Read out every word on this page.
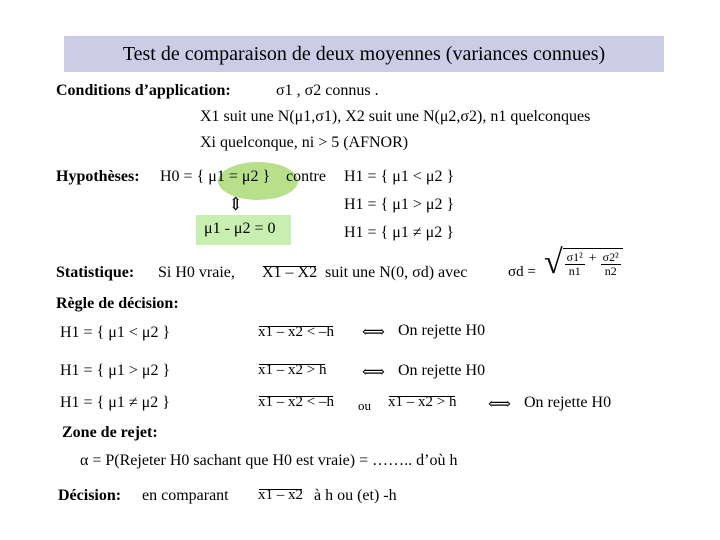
Test de comparaison de deux moyennes (variances connues)
Conditions d’application:	σ1 , σ2 connus .
X1 suit une N(μ1,σ1), X2 suit une N(μ2,σ2), n1 quelconques
Xi quelconque, ni > 5 (AFNOR)
Hypothèses: H0 = { μ1 = μ2 } contre
⇕
μ1 - μ2 = 0
H1 = { μ1 < μ2 }
H1 = { μ1 > μ2 }
H1 = { μ1 ≠ μ2 }
Statistique: Si H0 vraie, X1 – X2 suit une N(0, σd) avec	σd = √ $\frac{\text{σ1²}}{n1} + \frac{\text{σ2²}}{n2}$
Règle de décision:
H1 = { μ1 < μ2 }	x1 – x2 < –h ⟺ On rejette H0
H1 = { μ1 > μ2 }	x1 – x2 > h ⟺ On rejette H0
H1 = { μ1 ≠ μ2 }	x1 – x2 < –h ou x1 – x2 > h ⟺ On rejette H0
Zone de rejet:
α = P(Rejeter H0 sachant que H0 est vraie) = …….. d’où h
Décision: en comparant x1 – x2 à h ou (et) -h
